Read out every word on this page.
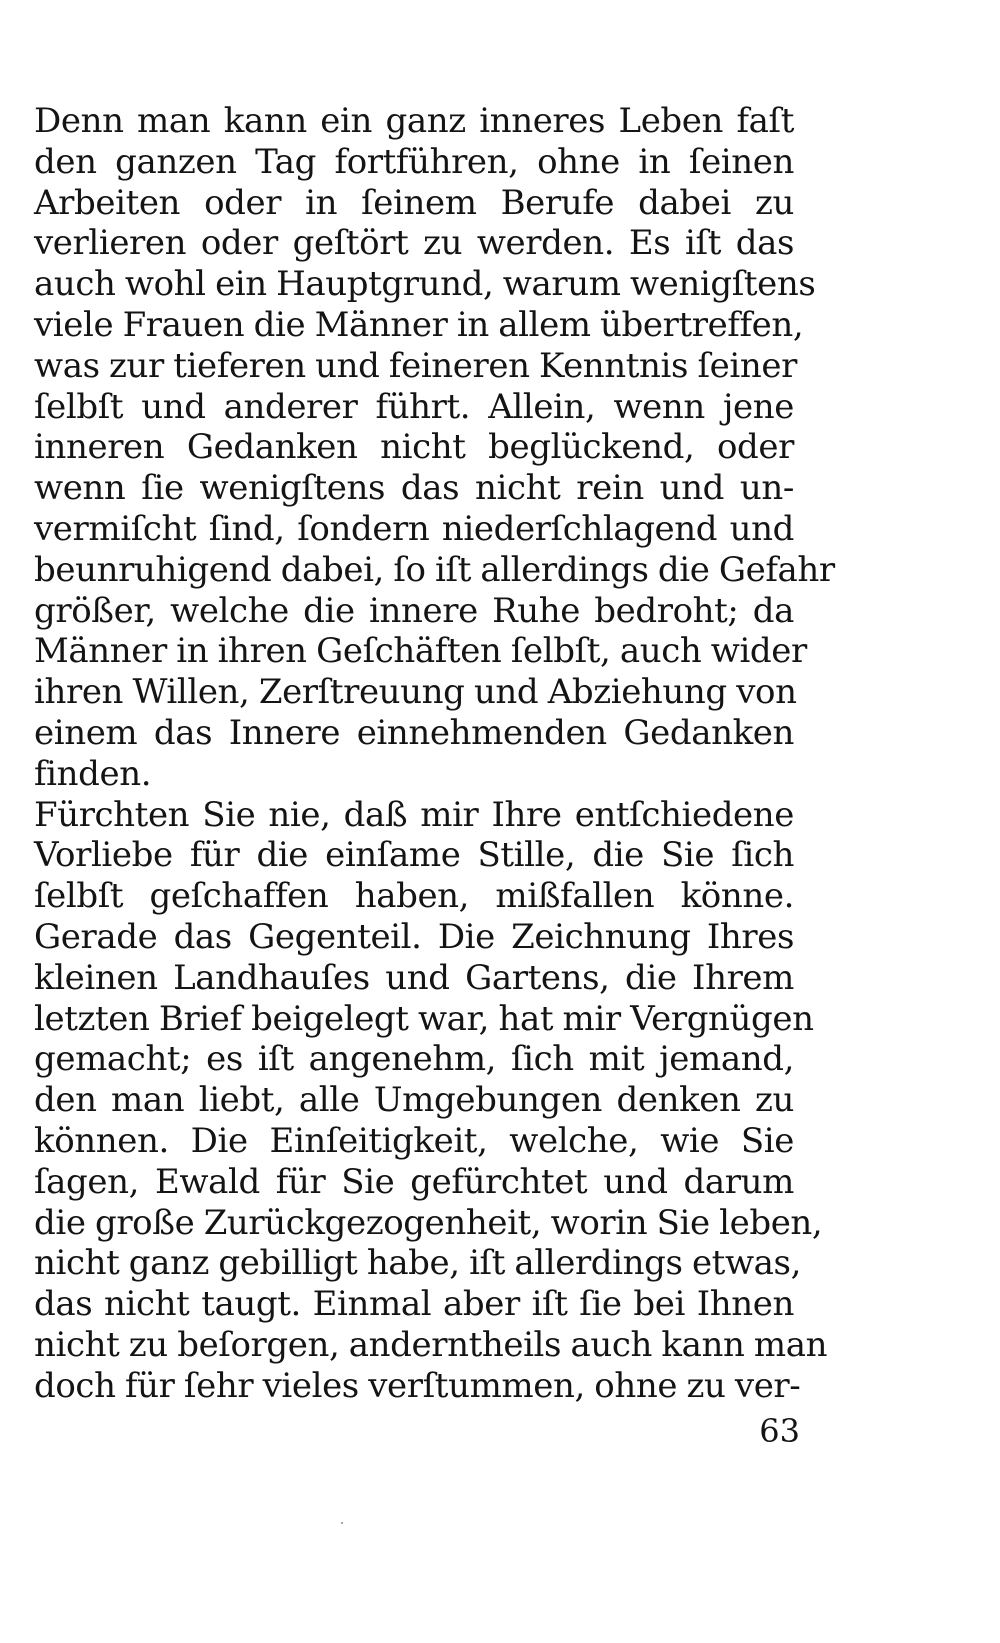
Denn man kann ein ganz inneres Leben faſt
den ganzen Tag fortführen, ohne in ſeinen
Arbeiten oder in ſeinem Berufe dabei zu
verlieren oder geſtört zu werden. Es iſt das
auch wohl ein Hauptgrund, warum wenigſtens
viele Frauen die Männer in allem übertreffen,
was zur tieferen und feineren Kenntnis ſeiner
ſelbſt und anderer führt. Allein, wenn jene
inneren Gedanken nicht beglückend, oder
wenn ſie wenigſtens das nicht rein und un-
vermiſcht ſind, ſondern niederſchlagend und
beunruhigend dabei, ſo iſt allerdings die Gefahr
größer, welche die innere Ruhe bedroht; da
Männer in ihren Geſchäften ſelbſt, auch wider
ihren Willen, Zerſtreuung und Abziehung von
einem das Innere einnehmenden Gedanken
finden.
Fürchten Sie nie, daß mir Ihre entſchiedene
Vorliebe für die einſame Stille, die Sie ſich
ſelbſt geſchaffen haben, mißfallen könne.
Gerade das Gegenteil. Die Zeichnung Ihres
kleinen Landhauſes und Gartens, die Ihrem
letzten Brief beigelegt war, hat mir Vergnügen
gemacht; es iſt angenehm, ſich mit jemand,
den man liebt, alle Umgebungen denken zu
können. Die Einſeitigkeit, welche, wie Sie
ſagen, Ewald für Sie gefürchtet und darum
die große Zurückgezogenheit, worin Sie leben,
nicht ganz gebilligt habe, iſt allerdings etwas,
das nicht taugt. Einmal aber iſt ſie bei Ihnen
nicht zu beſorgen, anderntheils auch kann man
doch für ſehr vieles verſtummen, ohne zu ver-
63
